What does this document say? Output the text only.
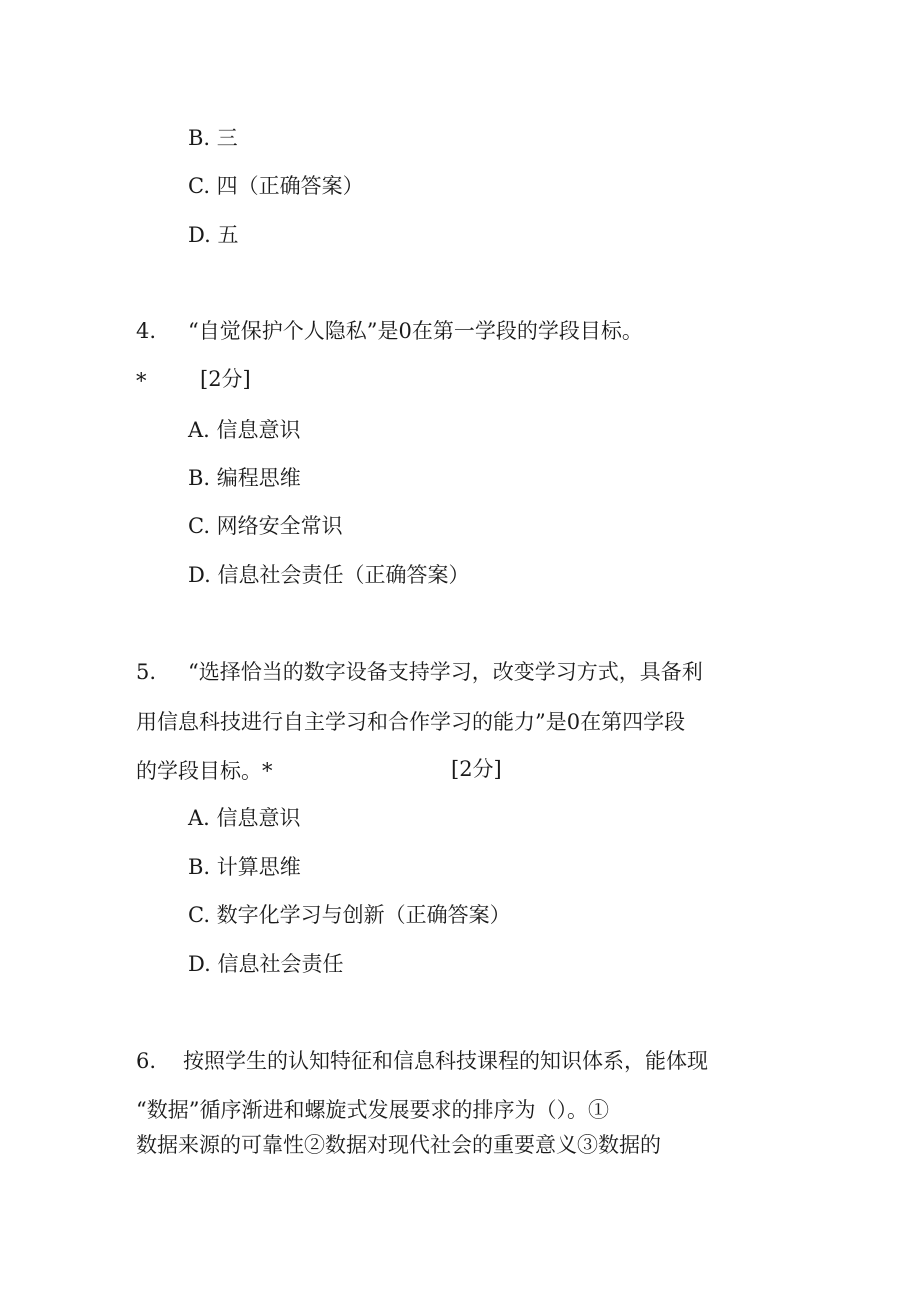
B. 三
C. 四（正确答案）
D. 五
4. “自觉保护个人隐私”是0在第一学段的学段目标。
*	[2分]
A. 信息意识
B. 编程思维
C. 网络安全常识
D. 信息社会责任（正确答案）
5. “选择恰当的数字设备支持学习，改变学习方式，具备利
用信息科技进行自主学习和合作学习的能力”是0在第四学段
的学段目标。*	[2分]
A. 信息意识
B. 计算思维
C. 数字化学习与创新（正确答案）
D. 信息社会责任
6. 按照学生的认知特征和信息科技课程的知识体系，能体现
“数据”循序渐进和螺旋式发展要求的排序为（）。①
数据来源的可靠性②数据对现代社会的重要意义③数据的
